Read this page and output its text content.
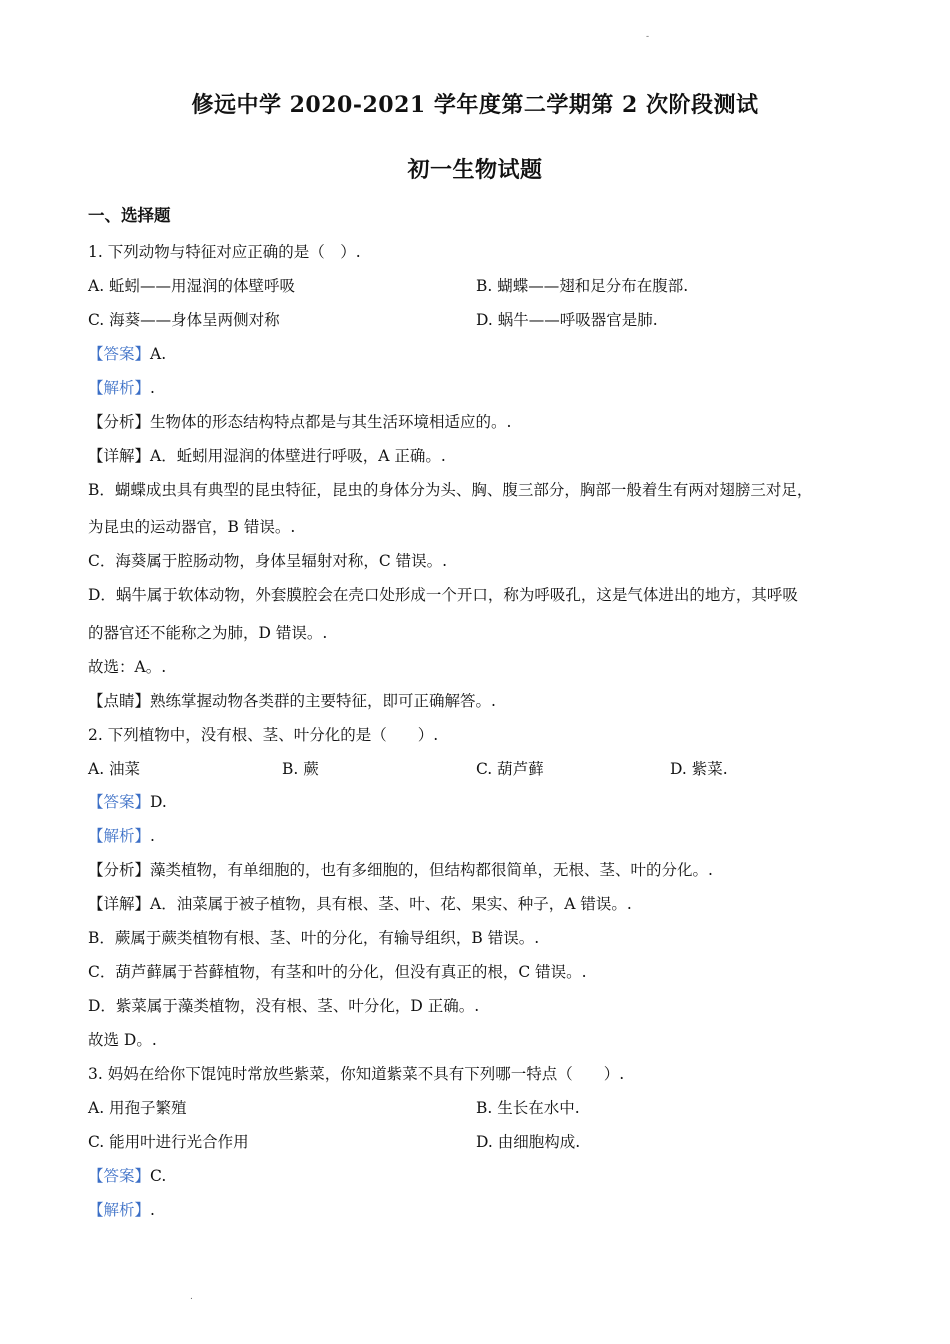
-
修远中学 2020-2021 学年度第二学期第 2 次阶段测试
初一生物试题
一、选择题
1. 下列动物与特征对应正确的是（　）.
A. 蚯蚓——用湿润的体壁呼吸	B. 蝴蝶——翅和足分布在腹部.
C. 海葵——身体呈两侧对称	D. 蜗牛——呼吸器官是肺.
【答案】A.
【解析】.
【分析】生物体的形态结构特点都是与其生活环境相适应的。.
【详解】A．蚯蚓用湿润的体壁进行呼吸，A 正确。.
B．蝴蝶成虫具有典型的昆虫特征，昆虫的身体分为头、胸、腹三部分，胸部一般着生有两对翅膀三对足，
为昆虫的运动器官，B 错误。.
C．海葵属于腔肠动物，身体呈辐射对称，C 错误。.
D．蜗牛属于软体动物，外套膜腔会在壳口处形成一个开口，称为呼吸孔，这是气体进出的地方，其呼吸
的器官还不能称之为肺，D 错误。.
故选：A。.
【点睛】熟练掌握动物各类群的主要特征，即可正确解答。.
2. 下列植物中，没有根、茎、叶分化的是（　　）.
A. 油菜	B. 蕨	C. 葫芦藓	D. 紫菜.
【答案】D.
【解析】.
【分析】藻类植物，有单细胞的，也有多细胞的，但结构都很简单，无根、茎、叶的分化。.
【详解】A．油菜属于被子植物，具有根、茎、叶、花、果实、种子，A 错误。.
B．蕨属于蕨类植物有根、茎、叶的分化，有输导组织，B 错误。.
C．葫芦藓属于苔藓植物，有茎和叶的分化，但没有真正的根，C 错误。.
D．紫菜属于藻类植物，没有根、茎、叶分化，D 正确。.
故选 D。.
3. 妈妈在给你下馄饨时常放些紫菜，你知道紫菜不具有下列哪一特点（　　）.
A. 用孢子繁殖	B. 生长在水中.
C. 能用叶进行光合作用	D. 由细胞构成.
【答案】C.
【解析】.
.
